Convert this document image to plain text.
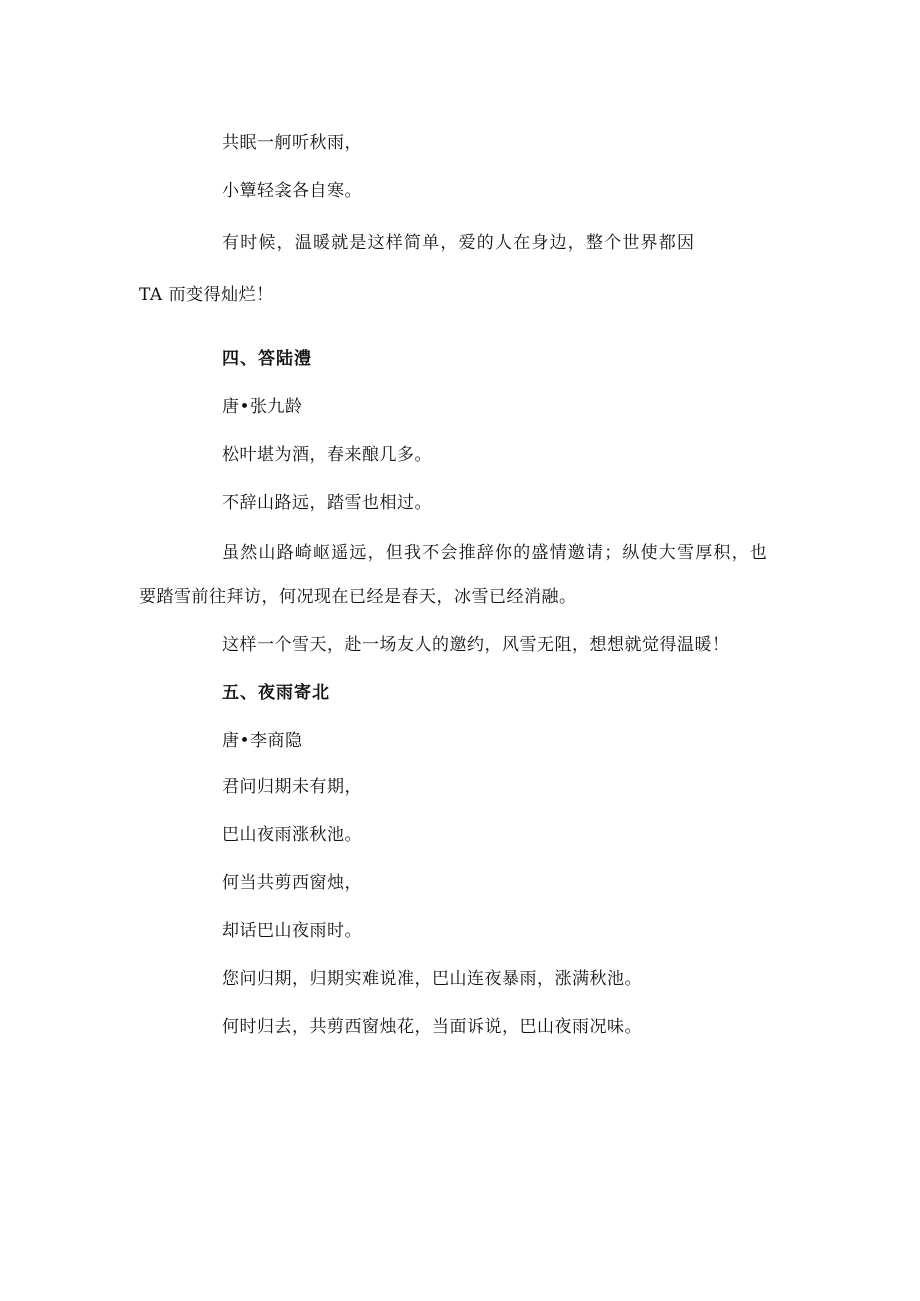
共眠一舸听秋雨，
小簟轻衾各自寒。
有时候，温暖就是这样简单，爱的人在身边，整个世界都因
TA 而变得灿烂！
四、答陆澧
唐•张九龄
松叶堪为酒，春来酿几多。
不辞山路远，踏雪也相过。
虽然山路崎岖遥远，但我不会推辞你的盛情邀请；纵使大雪厚积，也
要踏雪前往拜访，何况现在已经是春天，冰雪已经消融。
这样一个雪天，赴一场友人的邀约，风雪无阻，想想就觉得温暖！
五、夜雨寄北
唐•李商隐
君问归期未有期，
巴山夜雨涨秋池。
何当共剪西窗烛，
却话巴山夜雨时。
您问归期，归期实难说准，巴山连夜暴雨，涨满秋池。
何时归去，共剪西窗烛花，当面诉说，巴山夜雨况味。
